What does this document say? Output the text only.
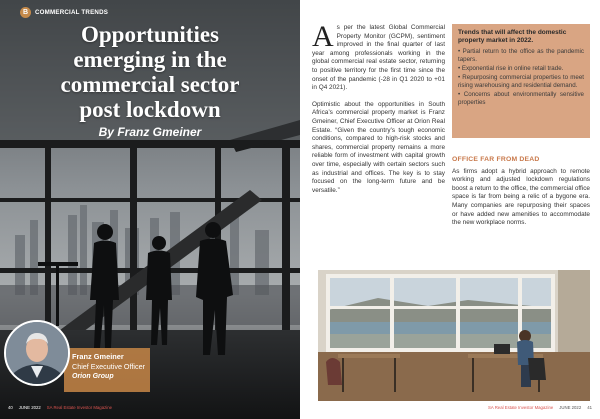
B	COMMERCIAL TRENDS
Opportunities
emerging in the
commercial sector
post lockdown
By Franz Gmeiner
Franz Gmeiner
Chief Executive Officer
Orion Group
40 JUNE 2022 SA Real Estate Investor Magazine

As per the latest Global Commercial Property Monitor (GCPM), sentiment improved in the final quarter of last year among professionals working in the global commercial real estate sector, returning to positive territory for the first time since the onset of the pandemic (-28 in Q1 2020 to +01 in Q4 2021).

Optimistic about the opportunities in South Africa’s commercial property market is Franz Gmeiner, Chief Executive Officer at Orion Real Estate. “Given the country’s tough economic conditions, compared to high-risk stocks and shares, commercial property remains a more reliable form of investment with capital growth over time, especially with certain sectors such as industrial and offices. The key is to stay focused on the long-term future and be versatile.”

Trends that will affect the domestic property market in 2022.
• Partial return to the office as the pandemic tapers.
• Exponential rise in online retail trade.
• Repurposing commercial properties to meet rising warehousing and residential demand.
• Concerns about environmentally sensitive properties
OFFICE FAR FROM DEAD

As firms adopt a hybrid approach to remote working and adjusted lockdown regulations boost a return to the office, the commercial office space is far from being a relic of a bygone era. Many companies are repurposing their spaces or have added new amenities to accommodate the new workplace norms.

SA Real Estate Investor Magazine JUNE 2022 41
